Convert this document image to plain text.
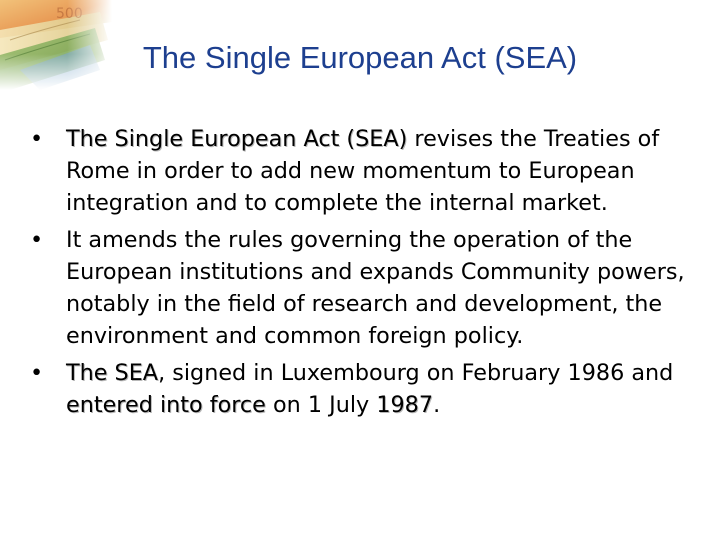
The Single European Act (SEA)
•	The Single European Act (SEA) revises the Treaties of Rome in order to add new momentum to European integration and to complete the internal market.
•	It amends the rules governing the operation of the European institutions and expands Community powers, notably in the field of research and development, the environment and common foreign policy.
•	The SEA, signed in Luxembourg on February 1986 and entered into force on 1 July 1987.
